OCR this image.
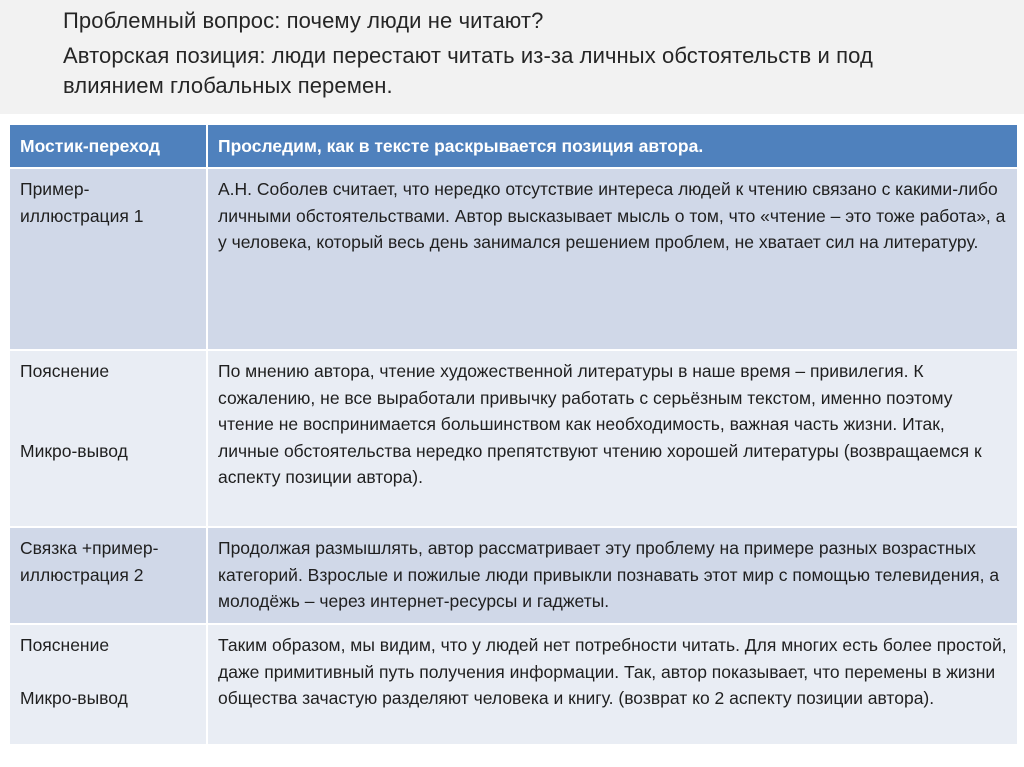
Проблемный вопрос: почему люди не читают?
Авторская позиция: люди перестают читать из-за личных обстоятельств и под
влиянием глобальных перемен.
Мостик-переход	Проследим, как в тексте раскрывается позиция автора.

Пример-
иллюстрация 1	А.Н. Соболев считает, что нередко отсутствие интереса людей к чтению связано с какими-либо личными обстоятельствами. Автор высказывает мысль о том, что «чтение – это тоже работа», а у человека, который весь день занимался решением проблем, не хватает сил на литературу.

Пояснение
Микро-вывод	По мнению автора, чтение художественной литературы в наше время – привилегия. К сожалению, не все выработали привычку работать с серьёзным текстом, именно поэтому чтение не воспринимается большинством как необходимость, важная часть жизни. Итак, личные обстоятельства нередко препятствуют чтению хорошей литературы (возвращаемся к аспекту позиции автора).

Связка +пример-
иллюстрация 2	Продолжая размышлять, автор рассматривает эту проблему на примере разных возрастных категорий. Взрослые и пожилые люди привыкли познавать этот мир с помощью телевидения, а молодёжь – через интернет-ресурсы и гаджеты.

Пояснение
Микро-вывод	Таким образом, мы видим, что у людей нет потребности читать. Для многих есть более простой, даже примитивный путь получения информации. Так, автор показывает, что перемены в жизни общества зачастую разделяют человека и книгу. (возврат ко 2 аспекту позиции автора).
